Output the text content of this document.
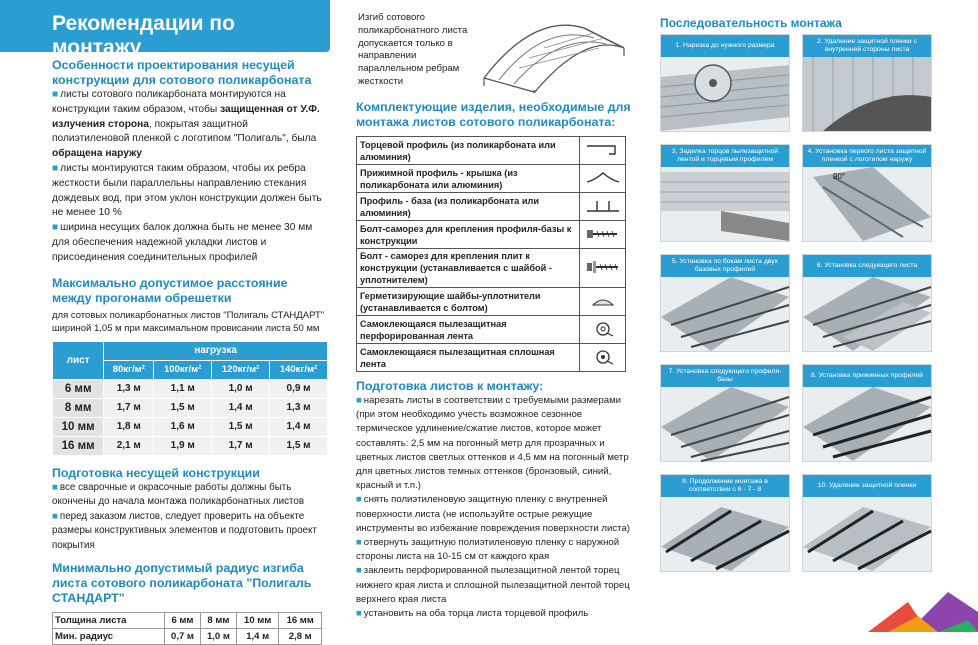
Рекомендации по монтажу
Особенности проектирования несущей конструкции для сотового поликарбоната
■ листы сотового поликарбоната монтируются на конструкции таким образом, чтобы защищенная от У.Ф. излучения сторона, покрытая защитной полиэтиленовой пленкой с логотипом "Полигаль", была обращена наружу
■ листы монтируются таким образом, чтобы их ребра жесткости были параллельны направлению стекания дождевых вод, при этом уклон конструкции должен быть не менее 10 %
■ ширина несущих балок должна быть не менее 30 мм для обеспечения надежной укладки листов и присоединения соединительных профилей
Максимально допустимое расстояние между прогонами обрешетки
для сотовых поликарбонатных листов "Полигаль СТАНДАРТ" шириной 1,05 м при максимальном провисании листа 50 мм
лист	нагрузка			
	80кг/м²	100кг/м²	120кг/м²	140кг/м²
6 мм	1,3 м	1,1 м	1,0 м	0,9 м
8 мм	1,7 м	1,5 м	1,4 м	1,3 м
10 мм	1,8 м	1,6 м	1,5 м	1,4 м
16 мм	2,1 м	1,9 м	1,7 м	1,5 м
Подготовка несущей конструкции
■ все сварочные и окрасочные работы должны быть окончены до начала монтажа поликарбонатных листов
■ перед заказом листов, следует проверить на объекте размеры конструктивных элементов и подготовить проект покрытия
Минимально допустимый радиус изгиба листа сотового поликарбоната "Полигаль СТАНДАРТ"
Толщина листа	6 мм	8 мм	10 мм	16 мм
Мин. радиус	0,7 м	1,0 м	1,4 м	2,8 м
Изгиб сотового поликарбонатного листа допускается только в направлении параллельном ребрам жесткости
Комплектующие изделия, необходимые для монтажа листов сотового поликарбоната:
Торцевой профиль (из поликарбоната или алюминия)	
Прижимной профиль - крышка (из поликарбоната или алюминия)	
Профиль - база (из поликарбоната или алюминия)	
Болт-саморез для крепления профиля-базы к конструкции	
Болт - саморез для крепления плит к конструкции (устанавливается с шайбой - уплотнителем)	
Герметизирующие шайбы-уплотнители (устанавливается с болтом)	
Самоклеющаяся пылезащитная перфорированная лента	
Самоклеющаяся пылезащитная сплошная лента	
Подготовка листов к монтажу:
■ нарезать листы в соответствии с требуемыми размерами (при этом необходимо учесть возможное сезонное термическое удлинение/сжатие листов, которое может составлять: 2,5 мм на погонный метр для прозрачных и цветных листов светлых оттенков и 4,5 мм на погонный метр для цветных листов темных оттенков (бронзовый, синий, красный и т.п.)
■ снять полиэтиленовую защитную пленку с внутренней поверхности листа (не используйте острые режущие инструменты во избежание повреждения поверхности листа)
■ отвернуть защитную полиэтиленовую пленку с наружной стороны листа на 10-15 см от каждого края
■ заклеить перфорированной пылезащитной лентой торец нижнего края листа и сплошной пылезащитной лентой торец верхнего края листа
■ установить на оба торца листа торцевой профиль
Последовательность монтажа
1. Нарезка до нужного размера
2. Удаление защитной пленки с внутренней стороны листа
3. Заделка торцов пылезащитной лентой и торцевым профилем
4. Установка первого листа защитной пленкой с логотипом наружу
90°
5. Установка по бокам листа двух базовых профилей
6. Установка следующего листа
7. Установка следующего профиля-базы
8. Установка прижимных профилей
9. Продолжение монтажа в соответствии с 6 - 7 - 8
10. Удаление защитной пленки
